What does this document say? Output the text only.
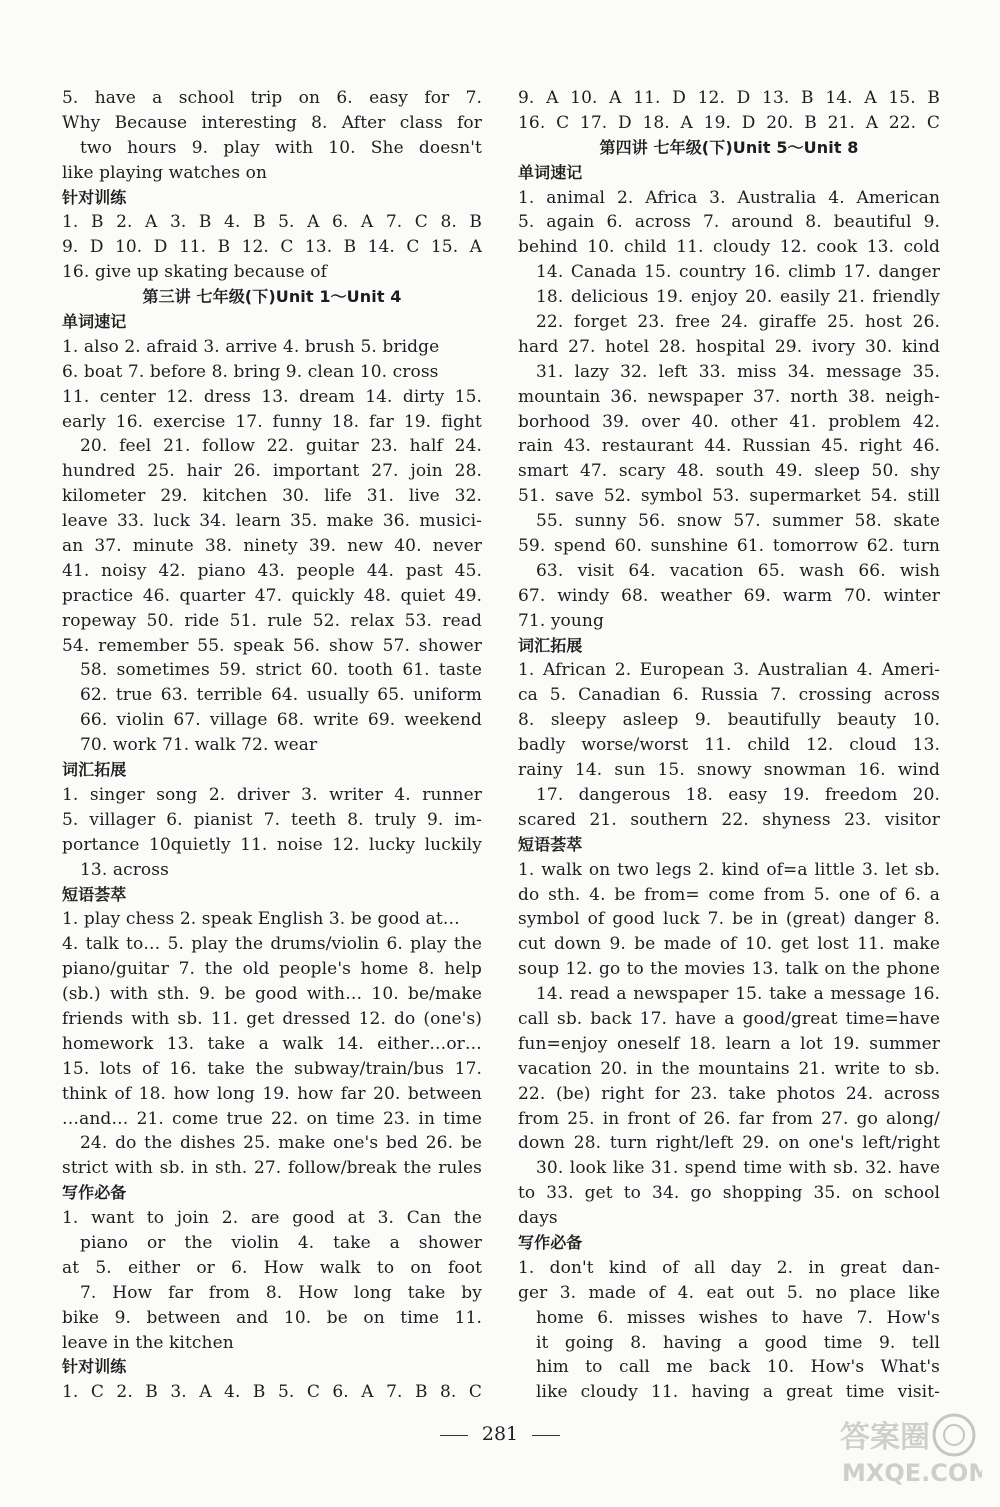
5. have a school trip on 6. easy for 7.
Why Because interesting 8. After class for
two hours 9. play with 10. She doesn't
like playing watches on
针对训练
1. B 2. A 3. B 4. B 5. A 6. A 7. C 8. B
9. D 10. D 11. B 12. C 13. B 14. C 15. A
16. give up skating because of
第三讲 七年级(下)Unit 1～Unit 4
单词速记
1. also 2. afraid 3. arrive 4. brush 5. bridge
6. boat 7. before 8. bring 9. clean 10. cross
11. center 12. dress 13. dream 14. dirty 15.
early 16. exercise 17. funny 18. far 19. fight
20. feel 21. follow 22. guitar 23. half 24.
hundred 25. hair 26. important 27. join 28.
kilometer 29. kitchen 30. life 31. live 32.
leave 33. luck 34. learn 35. make 36. musici-
an 37. minute 38. ninety 39. new 40. never
41. noisy 42. piano 43. people 44. past 45.
practice 46. quarter 47. quickly 48. quiet 49.
ropeway 50. ride 51. rule 52. relax 53. read
54. remember 55. speak 56. show 57. shower
58. sometimes 59. strict 60. tooth 61. taste
62. true 63. terrible 64. usually 65. uniform
66. violin 67. village 68. write 69. weekend
70. work 71. walk 72. wear
词汇拓展
1. singer song 2. driver 3. writer 4. runner
5. villager 6. pianist 7. teeth 8. truly 9. im-
portance 10quietly 11. noise 12. lucky luckily
13. across
短语荟萃
1. play chess 2. speak English 3. be good at…
4. talk to… 5. play the drums/violin 6. play the
piano/guitar 7. the old people's home 8. help
(sb.) with sth. 9. be good with… 10. be/make
friends with sb. 11. get dressed 12. do (one's)
homework 13. take a walk 14. either…or…
15. lots of 16. take the subway/train/bus 17.
think of 18. how long 19. how far 20. between
…and… 21. come true 22. on time 23. in time
24. do the dishes 25. make one's bed 26. be
strict with sb. in sth. 27. follow/break the rules
写作必备
1. want to join 2. are good at 3. Can the
piano or the violin 4. take a shower
at 5. either or 6. How walk to on foot
7. How far from 8. How long take by
bike 9. between and 10. be on time 11.
leave in the kitchen
针对训练
1. C 2. B 3. A 4. B 5. C 6. A 7. B 8. C
9. A 10. A 11. D 12. D 13. B 14. A 15. B
16. C 17. D 18. A 19. D 20. B 21. A 22. C
第四讲 七年级(下)Unit 5～Unit 8
单词速记
1. animal 2. Africa 3. Australia 4. American
5. again 6. across 7. around 8. beautiful 9.
behind 10. child 11. cloudy 12. cook 13. cold
14. Canada 15. country 16. climb 17. danger
18. delicious 19. enjoy 20. easily 21. friendly
22. forget 23. free 24. giraffe 25. host 26.
hard 27. hotel 28. hospital 29. ivory 30. kind
31. lazy 32. left 33. miss 34. message 35.
mountain 36. newspaper 37. north 38. neigh-
borhood 39. over 40. other 41. problem 42.
rain 43. restaurant 44. Russian 45. right 46.
smart 47. scary 48. south 49. sleep 50. shy
51. save 52. symbol 53. supermarket 54. still
55. sunny 56. snow 57. summer 58. skate
59. spend 60. sunshine 61. tomorrow 62. turn
63. visit 64. vacation 65. wash 66. wish
67. windy 68. weather 69. warm 70. winter
71. young
词汇拓展
1. African 2. European 3. Australian 4. Ameri-
ca 5. Canadian 6. Russia 7. crossing across
8. sleepy asleep 9. beautifully beauty 10.
badly worse/worst 11. child 12. cloud 13.
rainy 14. sun 15. snowy snowman 16. wind
17. dangerous 18. easy 19. freedom 20.
scared 21. southern 22. shyness 23. visitor
短语荟萃
1. walk on two legs 2. kind of=a little 3. let sb.
do sth. 4. be from= come from 5. one of 6. a
symbol of good luck 7. be in (great) danger 8.
cut down 9. be made of 10. get lost 11. make
soup 12. go to the movies 13. talk on the phone
14. read a newspaper 15. take a message 16.
call sb. back 17. have a good/great time=have
fun=enjoy oneself 18. learn a lot 19. summer
vacation 20. in the mountains 21. write to sb.
22. (be) right for 23. take photos 24. across
from 25. in front of 26. far from 27. go along/
down 28. turn right/left 29. on one's left/right
30. look like 31. spend time with sb. 32. have
to 33. get to 34. go shopping 35. on school
days
写作必备
1. don't kind of all day 2. in great dan-
ger 3. made of 4. eat out 5. no place like
home 6. misses wishes to have 7. How's
it going 8. having a good time 9. tell
him to call me back 10. How's What's
like cloudy 11. having a great time visit-
281	答案圈
MXQE.COM
